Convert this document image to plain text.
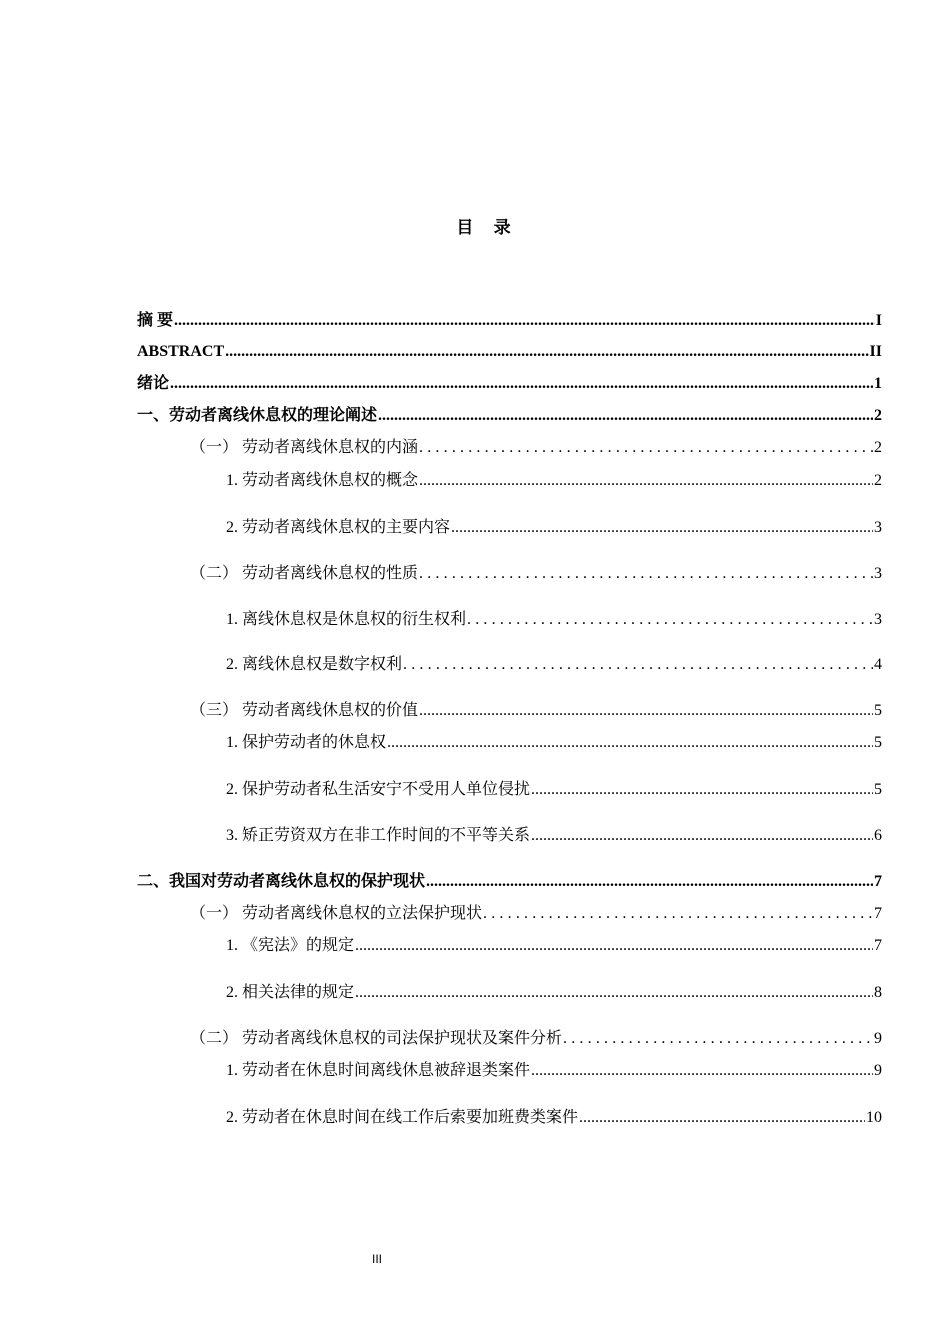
目 录
摘 要 .....	I
ABSTRACT .....	II
绪论 .....	1
一、劳动者离线休息权的理论阐述 .....	2
（一） 劳动者离线休息权的内涵 .....	2
1. 劳动者离线休息权的概念 .....	2
2. 劳动者离线休息权的主要内容 .....	3
（二） 劳动者离线休息权的性质 .....	3
1. 离线休息权是休息权的衍生权利 .....	3
2. 离线休息权是数字权利 .....	4
（三） 劳动者离线休息权的价值 .....	5
1. 保护劳动者的休息权 .....	5
2. 保护劳动者私生活安宁不受用人单位侵扰 .....	5
3. 矫正劳资双方在非工作时间的不平等关系 .....	6
二、我国对劳动者离线休息权的保护现状 .....	7
（一） 劳动者离线休息权的立法保护现状 .....	7
1. 《宪法》的规定 .....	7
2. 相关法律的规定 .....	8
（二） 劳动者离线休息权的司法保护现状及案件分析 .....	9
1. 劳动者在休息时间离线休息被辞退类案件 .....	9
2. 劳动者在休息时间在线工作后索要加班费类案件 .....	10
III
